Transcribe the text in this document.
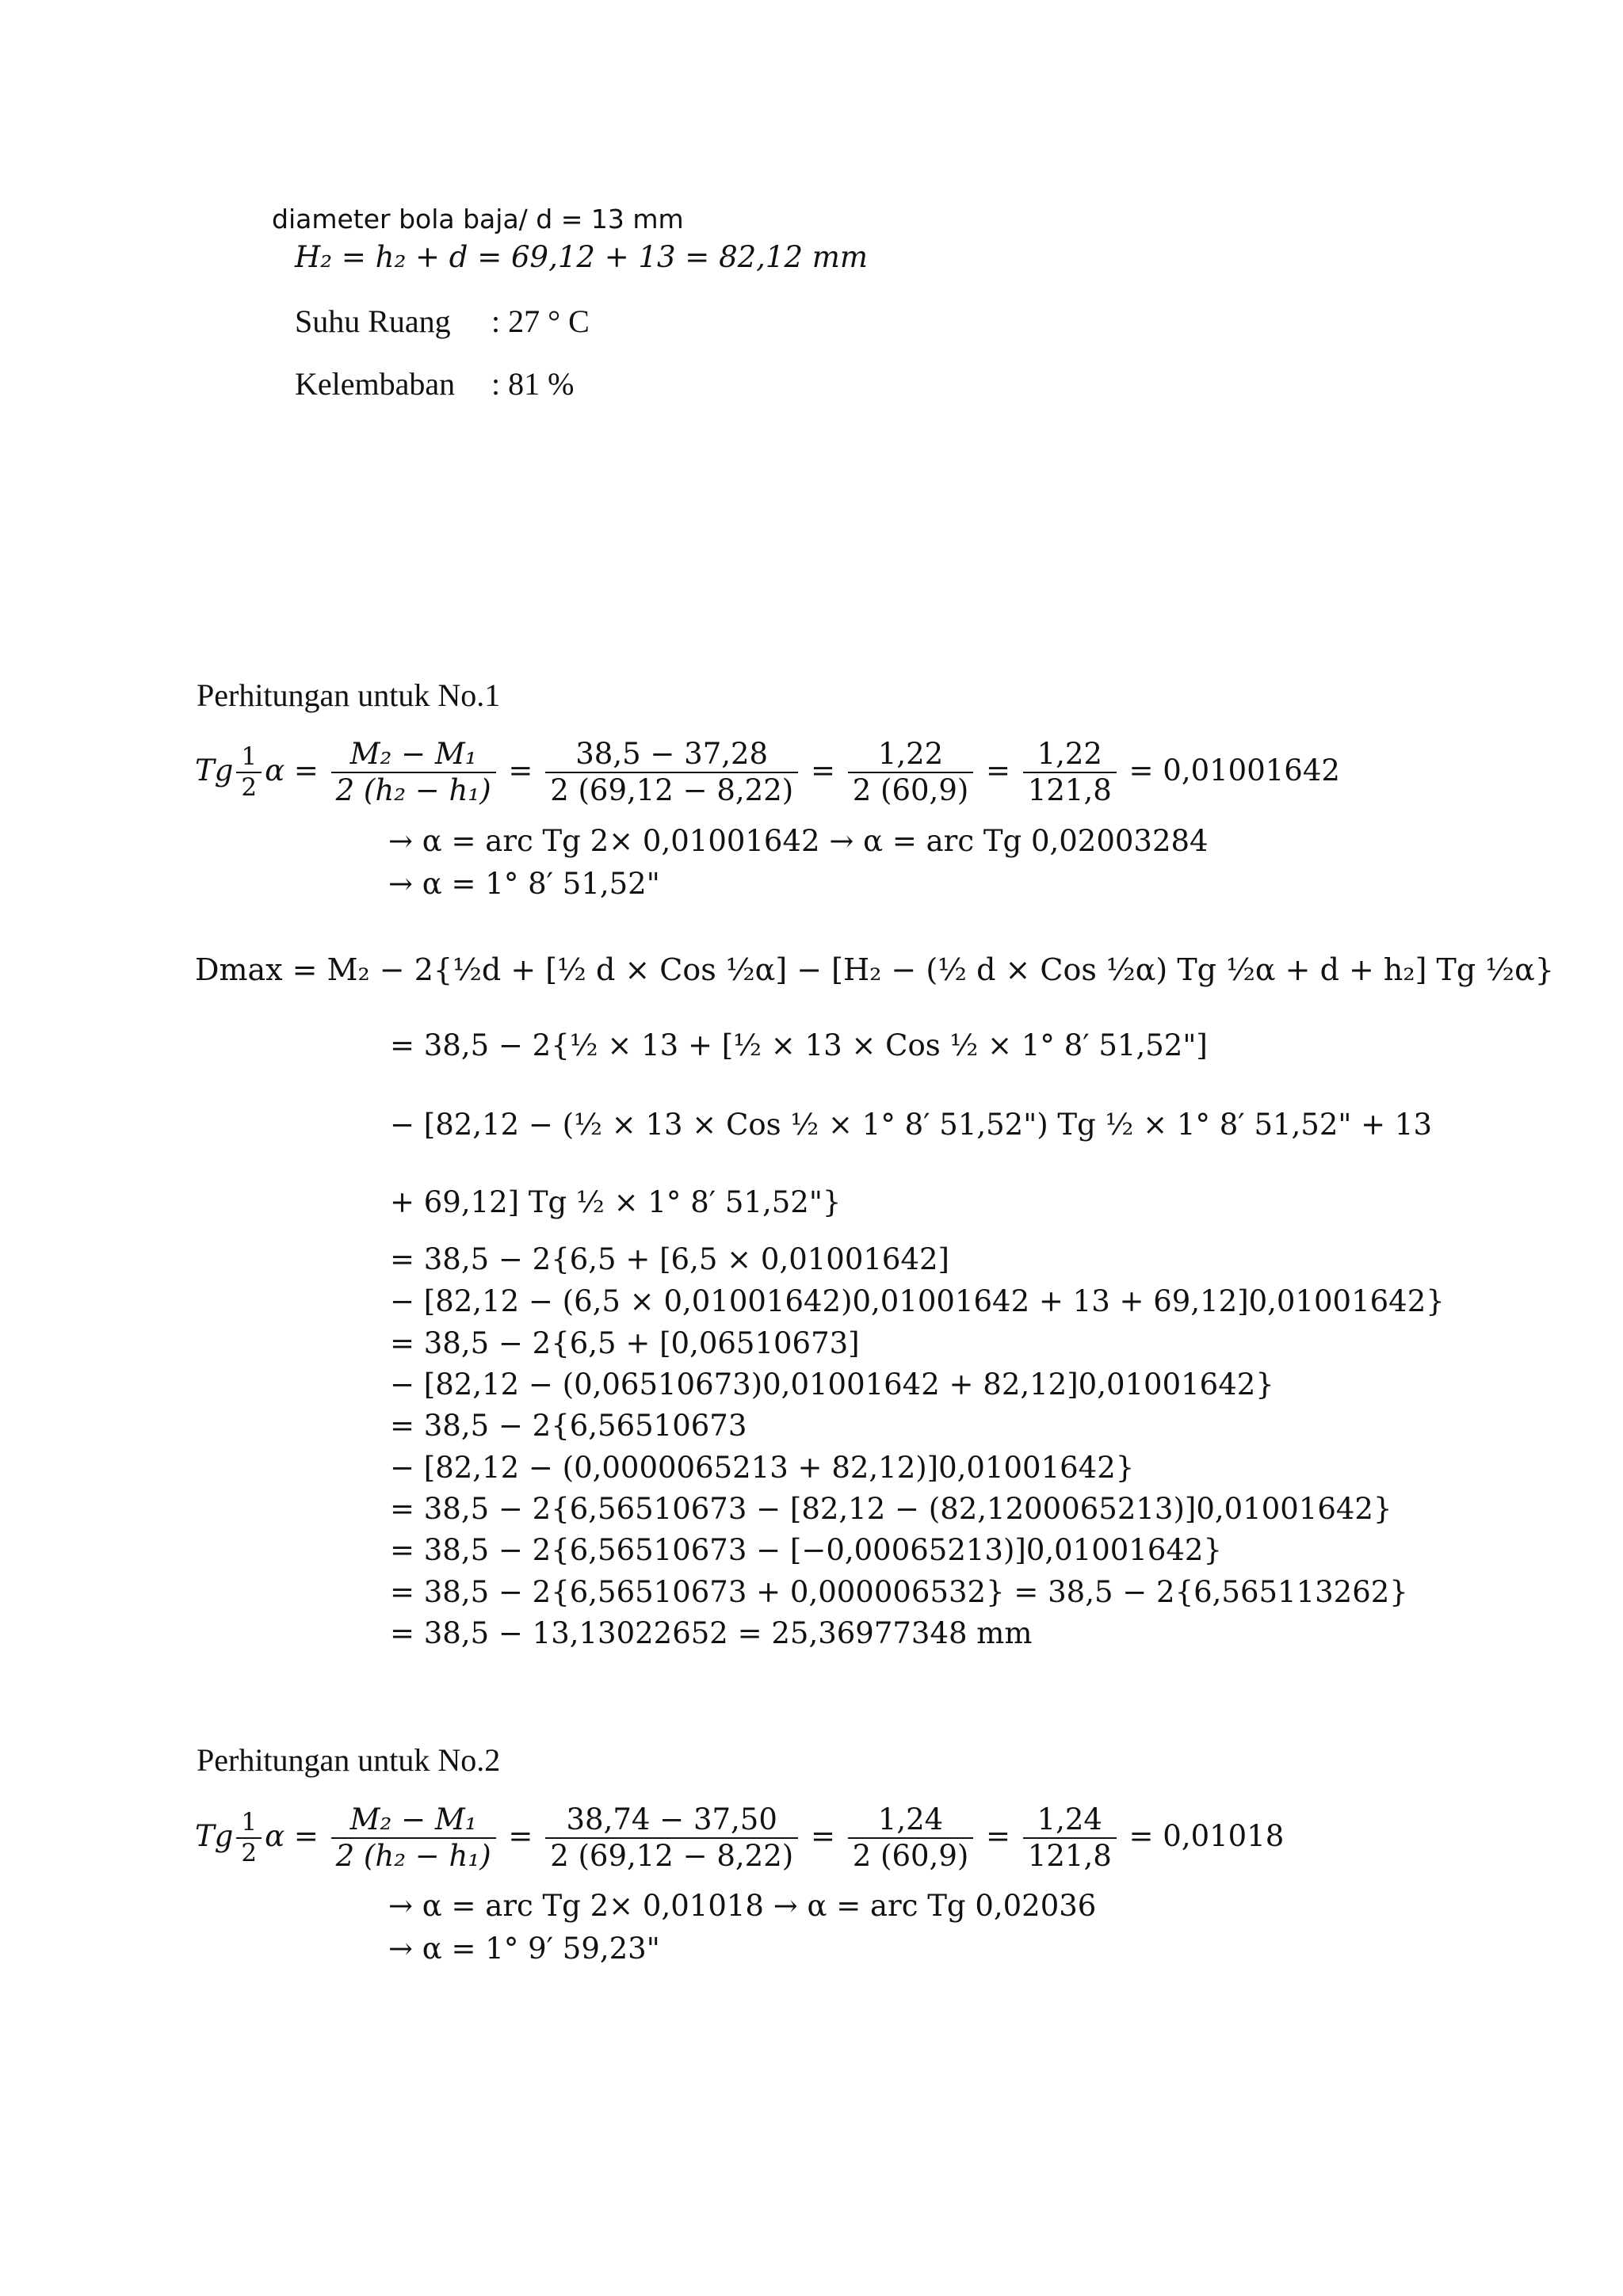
diameter bola baja/ d = 13 mm
H₂ = h₂ + d = 69,12 + 13 = 82,12 mm
Suhu Ruang : 27 ° C
Kelembaban : 81 %
Perhitungan untuk No.1
Tg $\frac{1}{2}$ $\alpha = \frac{\text{M₂ − M₁}}{\text{2 (h₂ − h₁)}} = \frac{38,5 - 37,28}{2 (69,12 - 8,22)} = \frac{1,22}{2 (60,9)} = \frac{1,22}{121,8} = 0,01001642$
→ α = arc Tg 2× 0,01001642 → α = arc Tg 0,02003284
→ α = 1° 8′ 51,52"
Dmax = M₂ − 2{½d + [½ d × Cos ½α] − [H₂ − (½ d × Cos ½α) Tg ½α + d + h₂] Tg ½α}
= 38,5 − 2{½ × 13 + [½ × 13 × Cos ½ × 1° 8′ 51,52"]
− [82,12 − (½ × 13 × Cos ½ × 1° 8′ 51,52") Tg ½ × 1° 8′ 51,52" + 13
+ 69,12] Tg ½ × 1° 8′ 51,52"}
= 38,5 − 2{6,5 + [6,5 × 0,01001642]
− [82,12 − (6,5 × 0,01001642)0,01001642 + 13 + 69,12]0,01001642}
= 38,5 − 2{6,5 + [0,06510673]
− [82,12 − (0,06510673)0,01001642 + 82,12]0,01001642}
= 38,5 − 2{6,56510673
− [82,12 − (0,0000065213 + 82,12)]0,01001642}
= 38,5 − 2{6,56510673 − [82,12 − (82,1200065213)]0,01001642}
= 38,5 − 2{6,56510673 − [−0,00065213)]0,01001642}
= 38,5 − 2{6,56510673 + 0,000006532} = 38,5 − 2{6,565113262}
= 38,5 − 13,13022652 = 25,36977348 mm
Perhitungan untuk No.2
Tg $\frac{1}{2}$ $\alpha = \frac{\text{M₂ − M₁}}{\text{2 (h₂ − h₁)}} = \frac{38,74 - 37,50}{2 (69,12 - 8,22)} = \frac{1,24}{2 (60,9)} = \frac{1,24}{121,8} = 0,01018$
→ α = arc Tg 2× 0,01018 → α = arc Tg 0,02036
→ α = 1° 9′ 59,23"
